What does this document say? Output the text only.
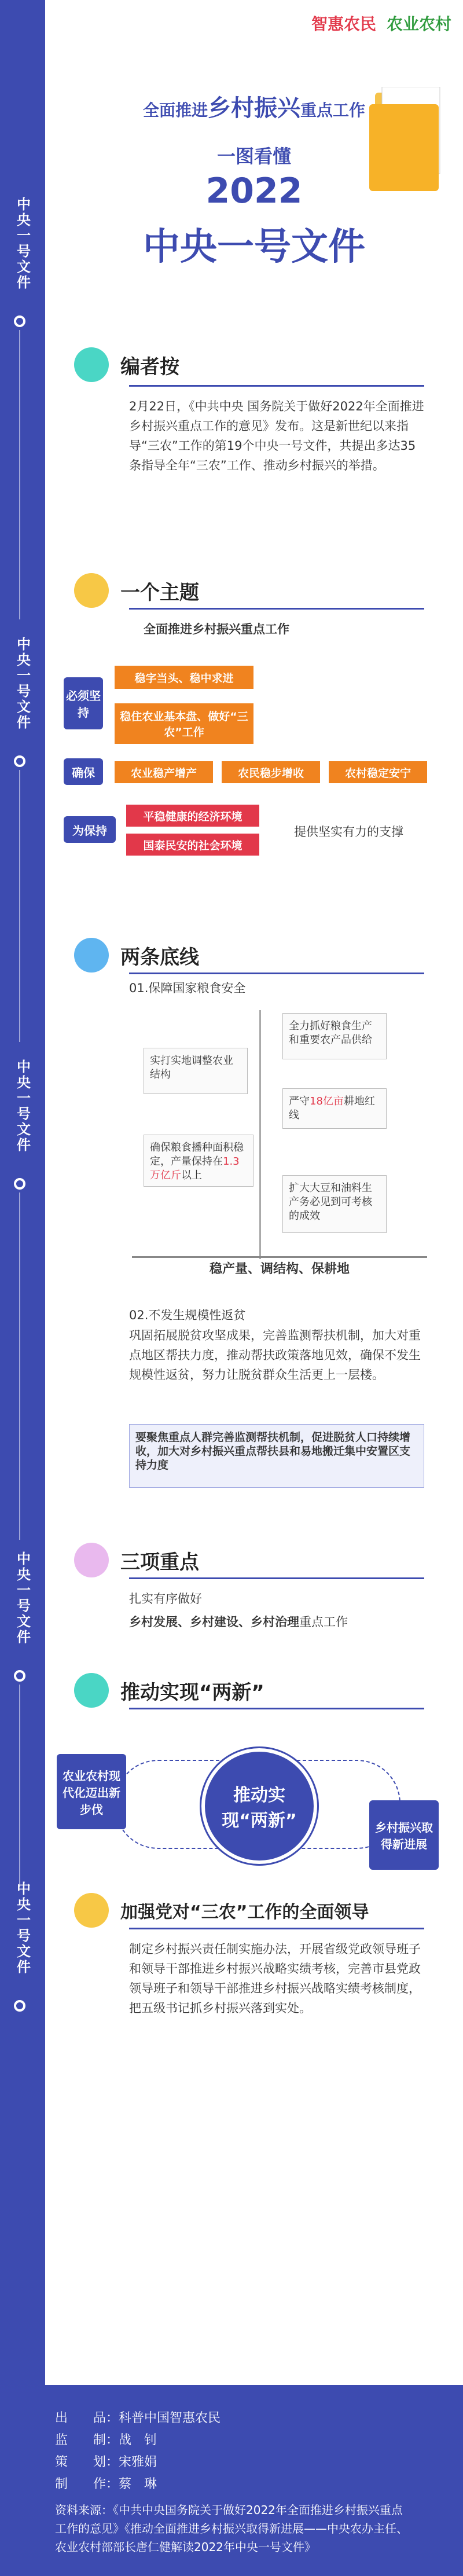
中央一号文件
中央一号文件
中央一号文件
中央一号文件
中央一号文件
智惠农民 农业农村
全面推进乡村振兴重点工作
一图看懂
2022
中央一号文件
编者按
2月22日，《中共中央 国务院关于做好2022年全面推进乡村振兴重点工作的意见》发布。这是新世纪以来指导“三农”工作的第19个中央一号文件，共提出多达35条指导全年“三农”工作、推动乡村振兴的举措。
一个主题
全面推进乡村振兴重点工作
必须坚持
稳字当头、稳中求进
稳住农业基本盘、做好“三农”工作
确保	农业稳产增产	农民稳步增收	农村稳定安宁
为保持
平稳健康的经济环境
国泰民安的社会环境
提供坚实有力的支撑
两条底线
01.保障国家粮食安全
全力抓好粮食生产和重要农产品供给
实打实地调整农业结构
严守18亿亩耕地红线
确保粮食播种面积稳定，产量保持在1.3万亿斤以上
扩大大豆和油料生产务必见到可考核的成效
稳产量、调结构、保耕地
02.不发生规模性返贫
巩固拓展脱贫攻坚成果，完善监测帮扶机制，加大对重点地区帮扶力度，推动帮扶政策落地见效，确保不发生规模性返贫，努力让脱贫群众生活更上一层楼。
要聚焦重点人群完善监测帮扶机制，促进脱贫人口持续增收，加大对乡村振兴重点帮扶县和易地搬迁集中安置区支持力度
三项重点
扎实有序做好
乡村发展、乡村建设、乡村治理重点工作
推动实现“两新”
农业农村现代化迈出新步伐
推动实现“两新”	乡村振兴取得新进展
加强党对“三农”工作的全面领导
制定乡村振兴责任制实施办法，开展省级党政领导班子和领导干部推进乡村振兴战略实绩考核，完善市县党政领导班子和领导干部推进乡村振兴战略实绩考核制度，把五级书记抓乡村振兴落到实处。
出　　品：科普中国智惠农民
监　　制：战　钊
策　　划：宋雅娟
制　　作：蔡　琳
资料来源：《中共中央国务院关于做好2022年全面推进乡村振兴重点工作的意见》《推动全面推进乡村振兴取得新进展——中央农办主任、农业农村部部长唐仁健解读2022年中央一号文件》
